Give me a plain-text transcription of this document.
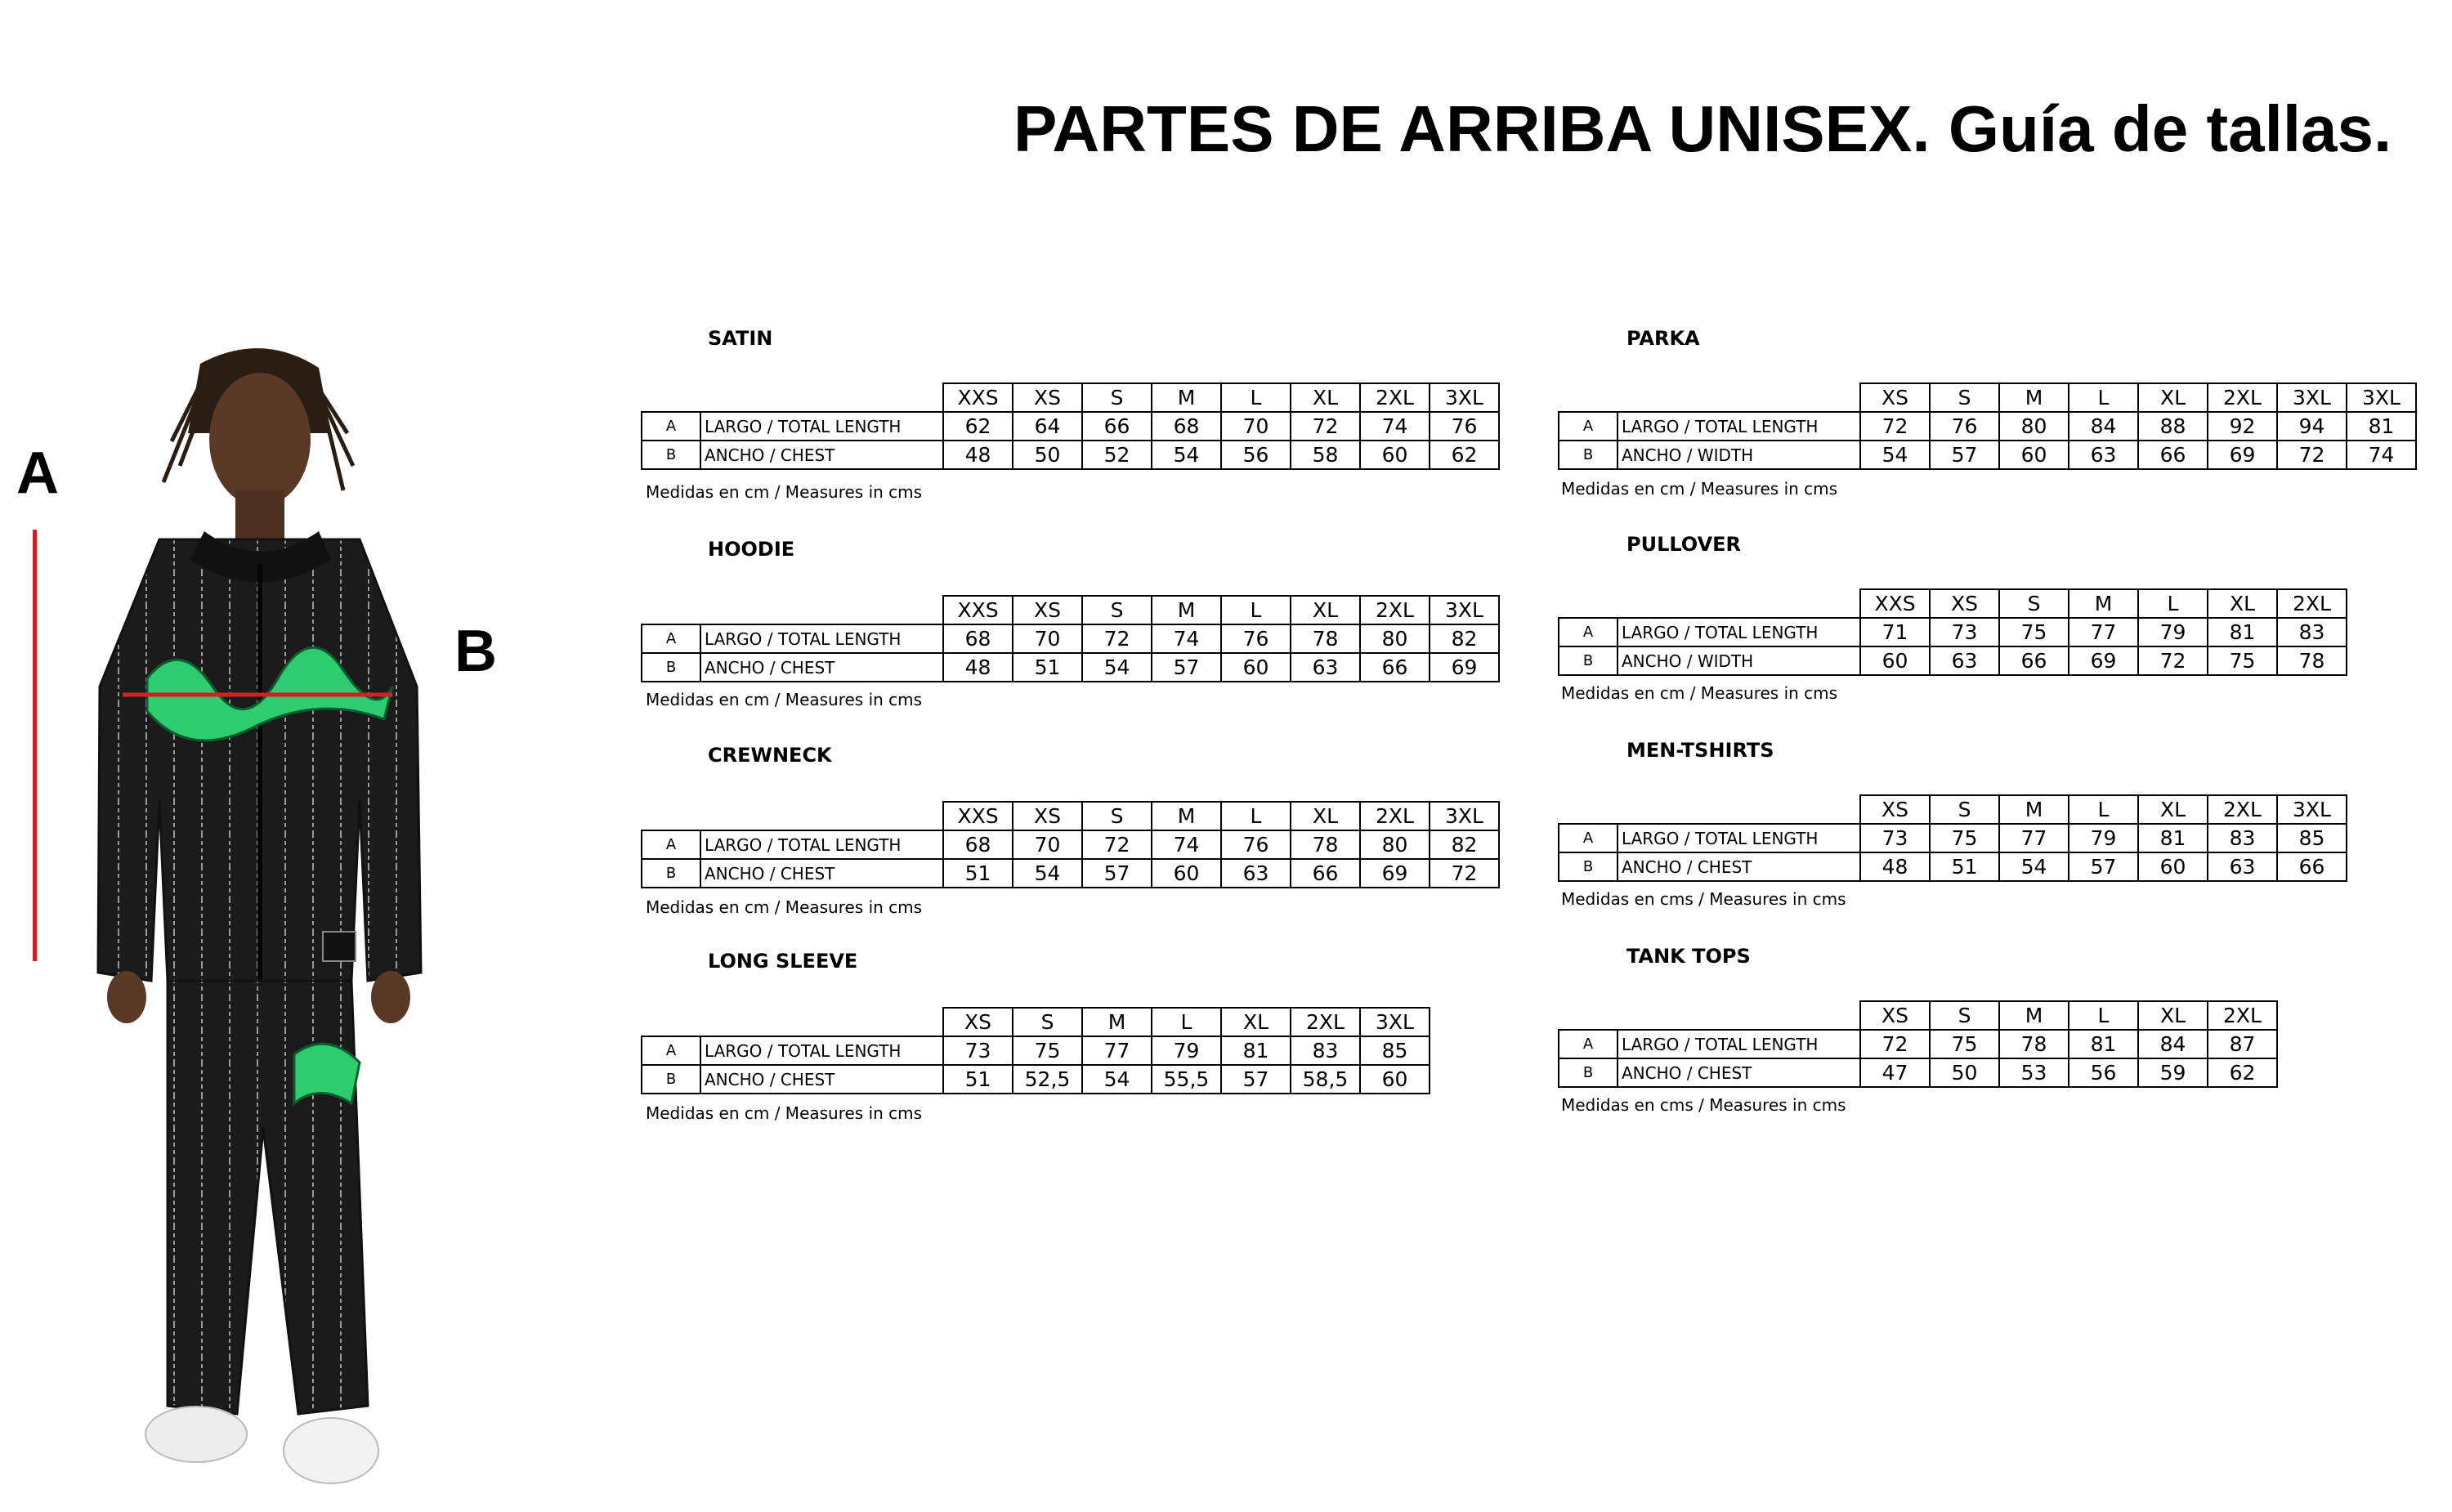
PARTES DE ARRIBA UNISEX. Guía de tallas.
A
B
SATIN
		XXS	XS	S	M	L	XL	2XL	3XL
A	LARGO / TOTAL LENGTH	62	64	66	68	70	72	74	76
B	ANCHO / CHEST	48	50	52	54	56	58	60	62
Medidas en cm / Measures in cms
HOODIE
		XXS	XS	S	M	L	XL	2XL	3XL
A	LARGO / TOTAL LENGTH	68	70	72	74	76	78	80	82
B	ANCHO / CHEST	48	51	54	57	60	63	66	69
Medidas en cm / Measures in cms
CREWNECK
		XXS	XS	S	M	L	XL	2XL	3XL
A	LARGO / TOTAL LENGTH	68	70	72	74	76	78	80	82
B	ANCHO / CHEST	51	54	57	60	63	66	69	72
Medidas en cm / Measures in cms
LONG SLEEVE
		XS	S	M	L	XL	2XL	3XL
A	LARGO / TOTAL LENGTH	73	75	77	79	81	83	85
B	ANCHO / CHEST	51	52,5	54	55,5	57	58,5	60
Medidas en cm / Measures in cms
PARKA
		XS	S	M	L	XL	2XL	3XL	3XL
A	LARGO / TOTAL LENGTH	72	76	80	84	88	92	94	81
B	ANCHO / WIDTH	54	57	60	63	66	69	72	74
Medidas en cm / Measures in cms
PULLOVER
		XXS	XS	S	M	L	XL	2XL
A	LARGO / TOTAL LENGTH	71	73	75	77	79	81	83
B	ANCHO / WIDTH	60	63	66	69	72	75	78
Medidas en cm / Measures in cms
MEN-TSHIRTS
		XS	S	M	L	XL	2XL	3XL
A	LARGO / TOTAL LENGTH	73	75	77	79	81	83	85
B	ANCHO / CHEST	48	51	54	57	60	63	66
Medidas en cms / Measures in cms
TANK TOPS
		XS	S	M	L	XL	2XL
A	LARGO / TOTAL LENGTH	72	75	78	81	84	87
B	ANCHO / CHEST	47	50	53	56	59	62
Medidas en cms / Measures in cms
